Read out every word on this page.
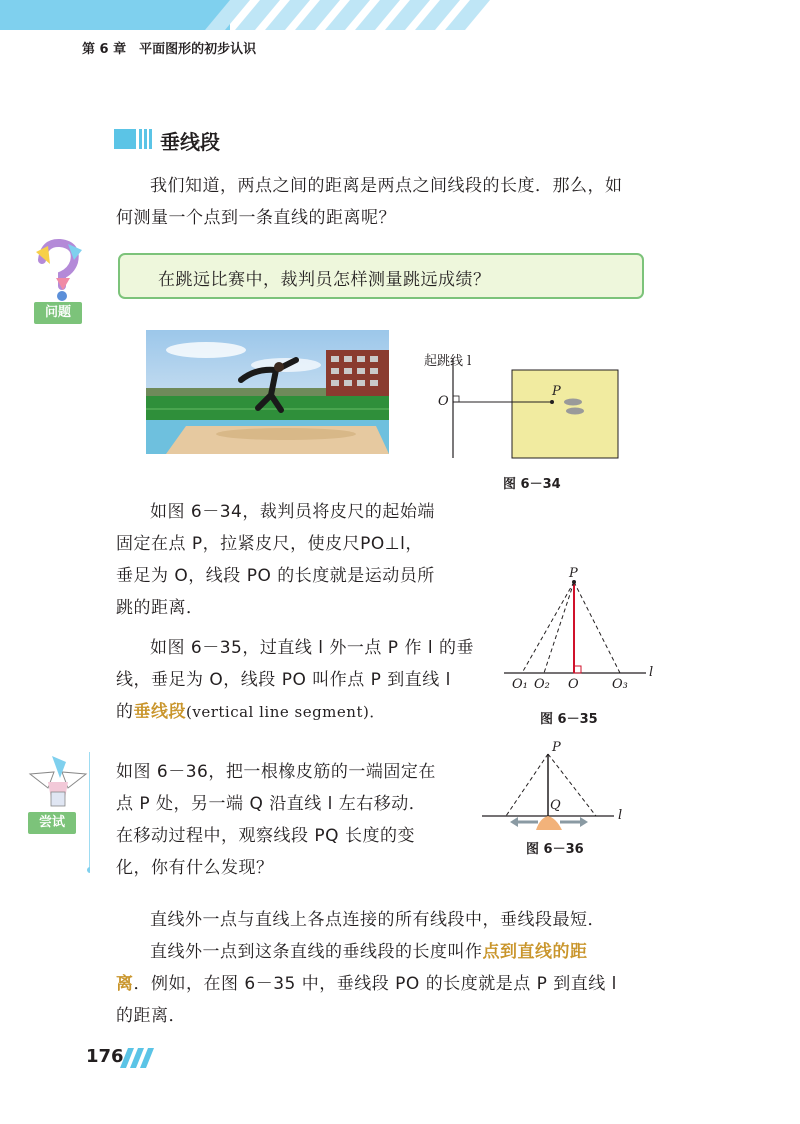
第 6 章　平面图形的初步认识
垂线段
我们知道，两点之间的距离是两点之间线段的长度．那么，如
何测量一个点到一条直线的距离呢？
问题
在跳远比赛中，裁判员怎样测量跳远成绩？
起跳线 l
O
P
图 6－34
如图 6－34，裁判员将皮尺的起始端
固定在点 P，拉紧皮尺，使皮尺PO⊥l，
垂足为 O，线段 PO 的长度就是运动员所
跳的距离．
P
O₁ O₂ O	O₃
l
图 6－35
如图 6－35，过直线 l 外一点 P 作 l 的垂
线，垂足为 O，线段 PO 叫作点 P 到直线 l
的垂线段(vertical line segment)．
尝试
如图 6－36，把一根橡皮筋的一端固定在
点 P 处，另一端 Q 沿直线 l 左右移动．
在移动过程中，观察线段 PQ 长度的变
化，你有什么发现？
P
Q
l
图 6－36
直线外一点与直线上各点连接的所有线段中，垂线段最短．
直线外一点到这条直线的垂线段的长度叫作点到直线的距
离．例如，在图 6－35 中，垂线段 PO 的长度就是点 P 到直线 l
的距离．
176
